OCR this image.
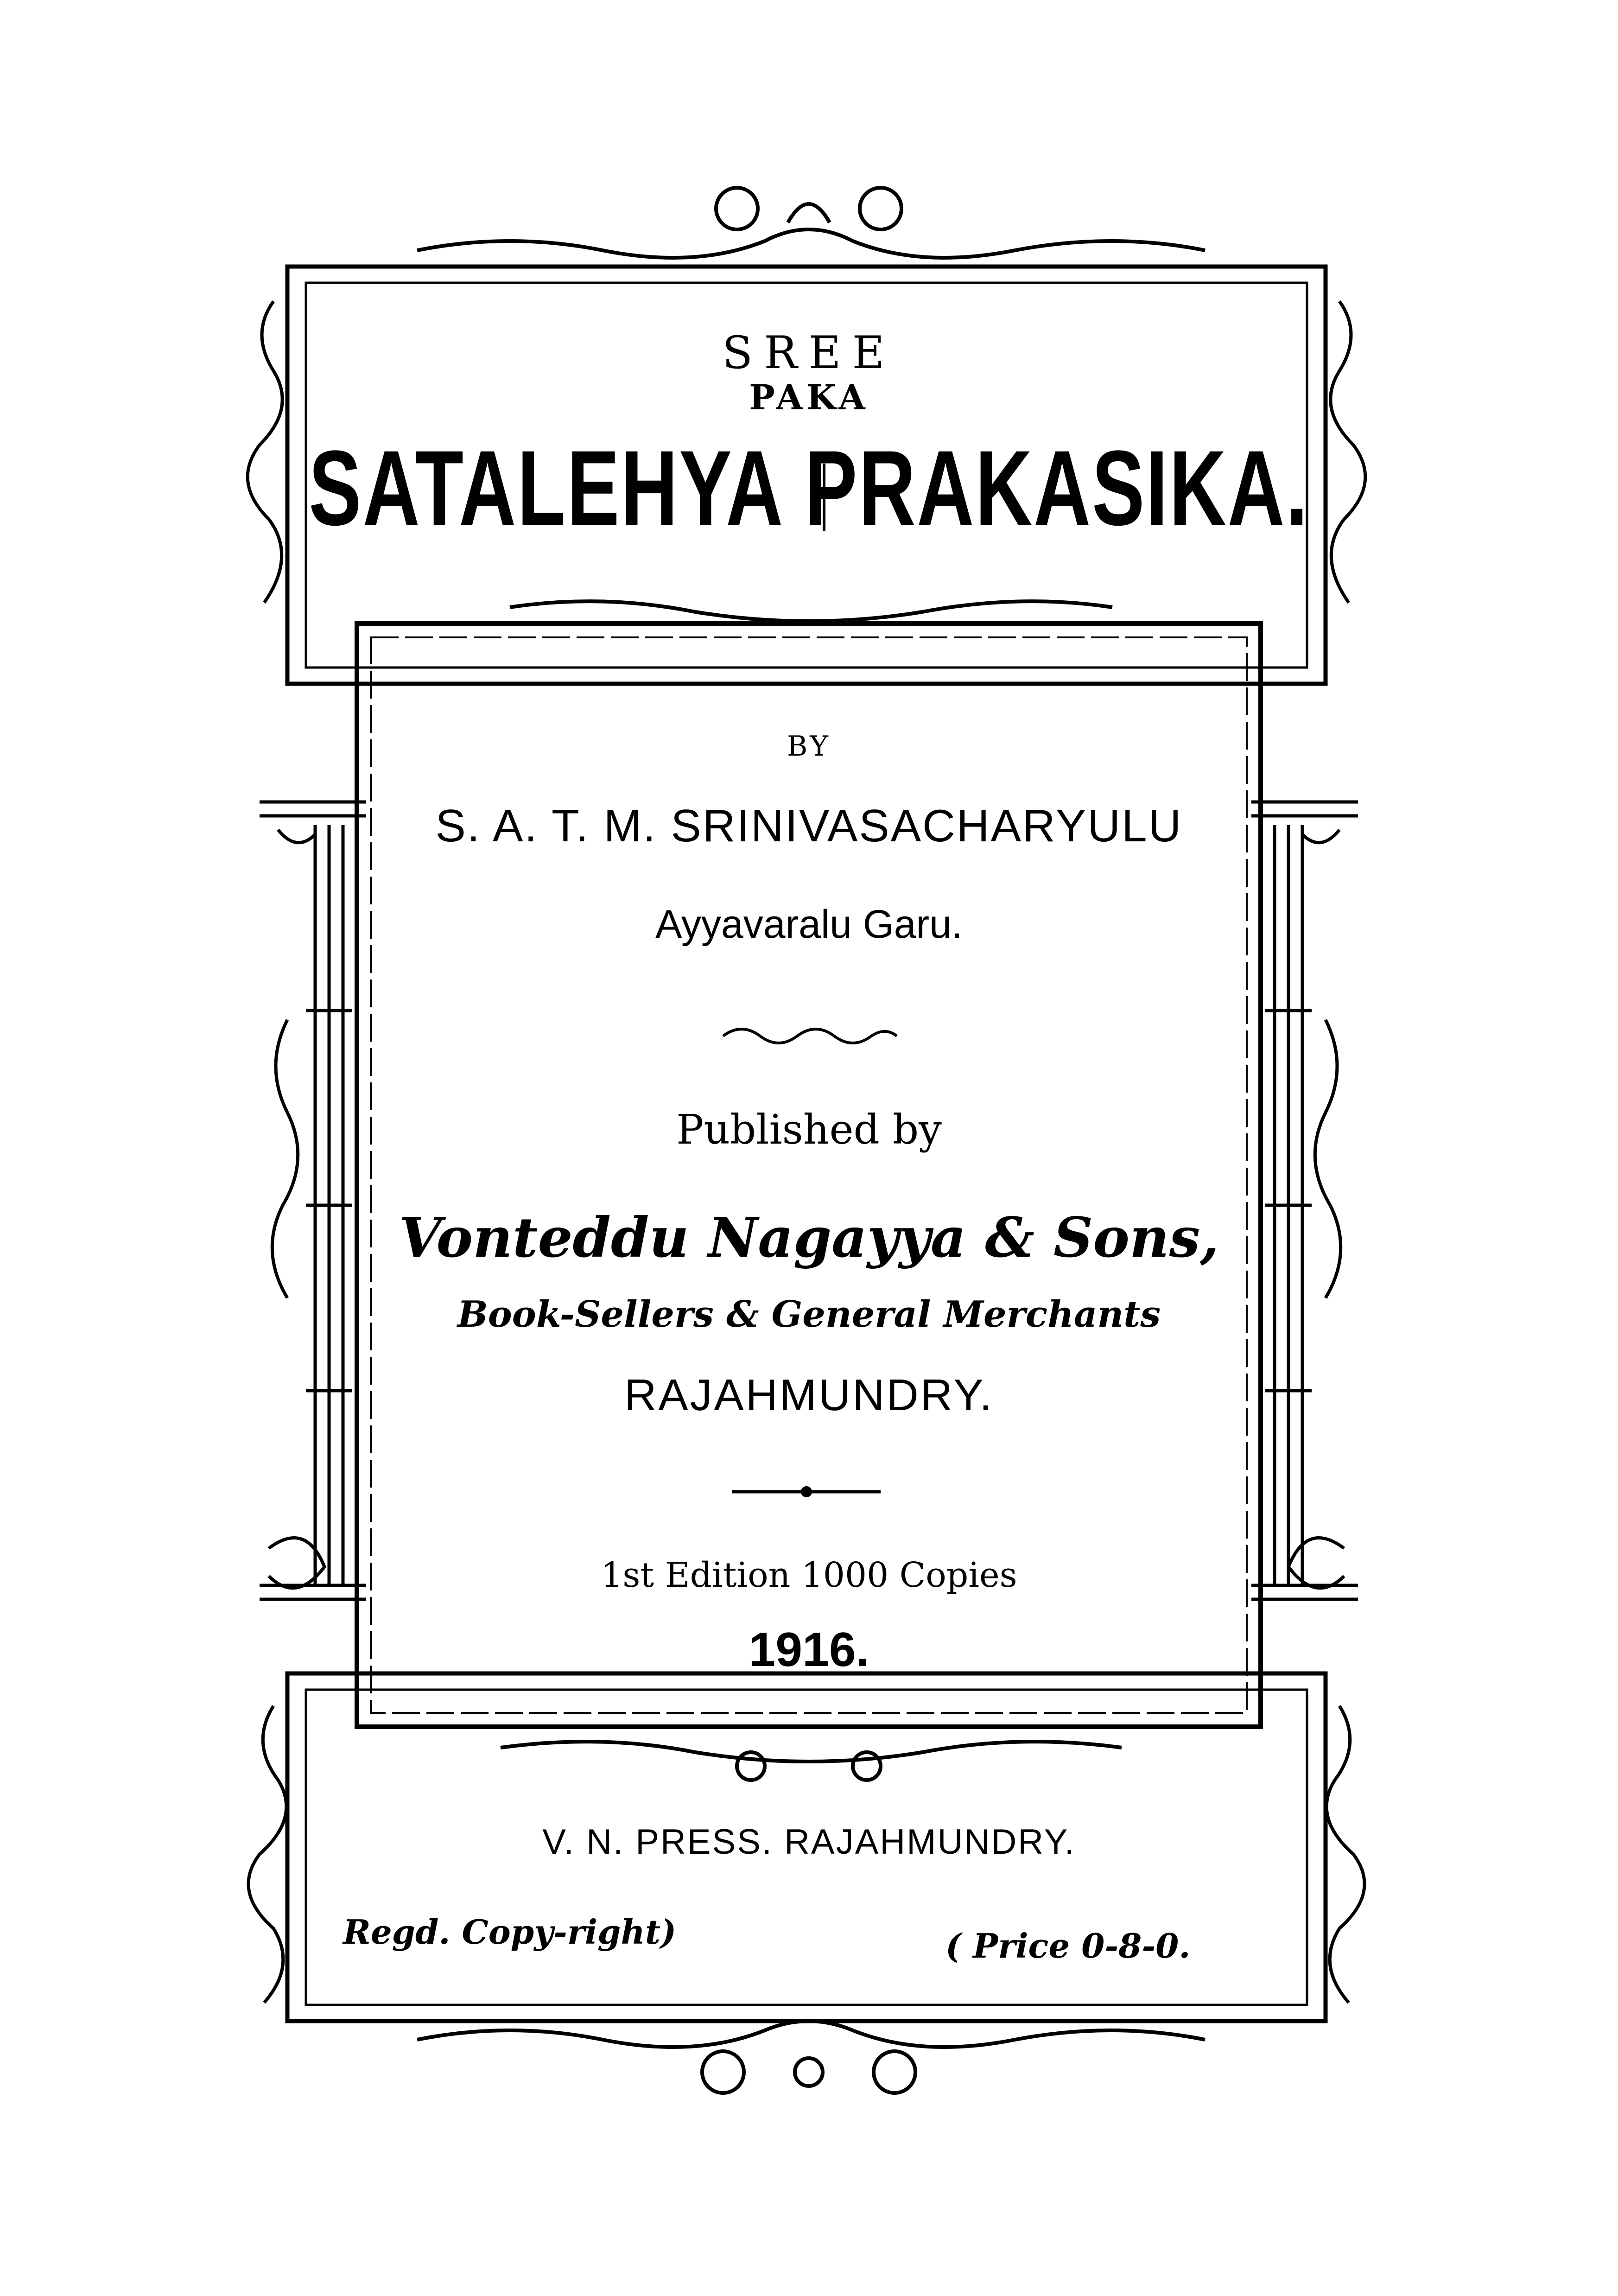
SREE
PAKA
SATALEHYA PRAKASIKA.
BY
S. A. T. M. SRINIVASACHARYULU
Ayyavaralu Garu.
Published by
Vonteddu Nagayya & Sons,
Book-Sellers & General Merchants
RAJAHMUNDRY.
1st Edition 1000 Copies
1916.
V. N. PRESS. RAJAHMUNDRY.
Regd. Copy-right)	( Price 0-8-0.
